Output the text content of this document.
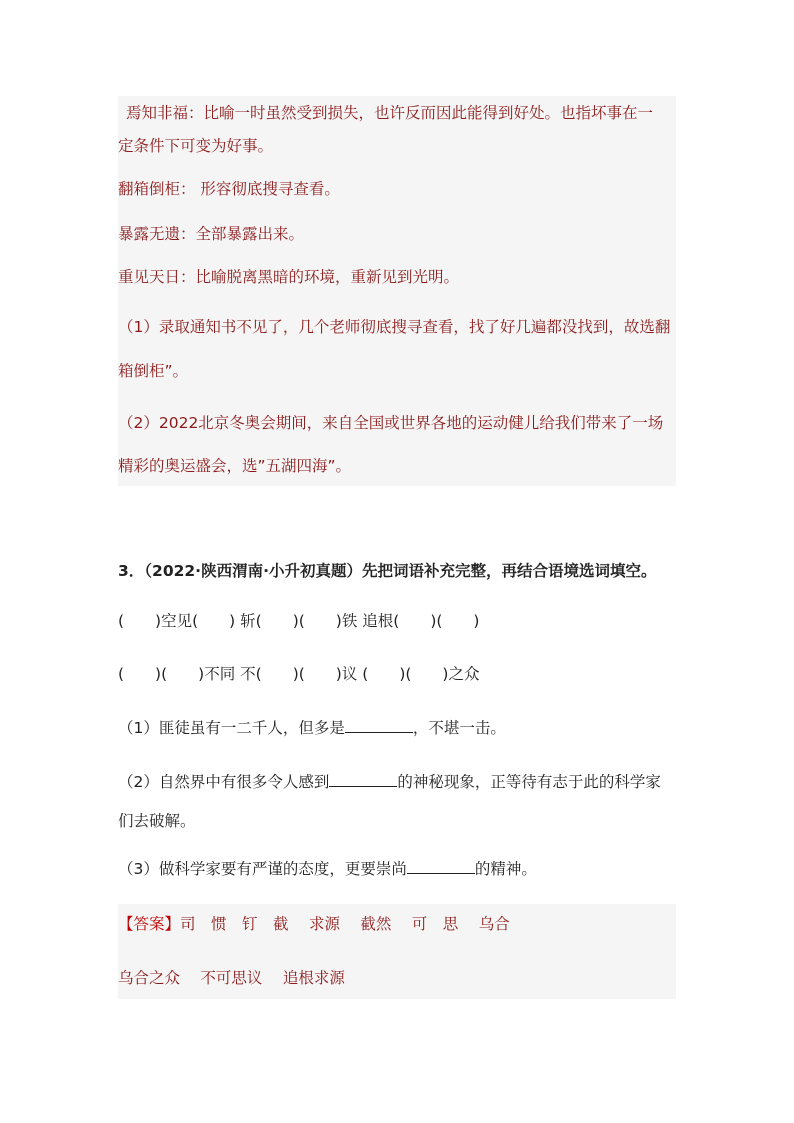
焉知非福：比喻一时虽然受到损失，也许反而因此能得到好处。也指坏事在一
定条件下可变为好事。
翻箱倒柜： 形容彻底搜寻查看。
暴露无遗：全部暴露出来。
重见天日：比喻脱离黑暗的环境，重新见到光明。
（1）录取通知书不见了，几个老师彻底搜寻查看，找了好几遍都没找到，故选翻
箱倒柜”。
（2）2022北京冬奥会期间，来自全国或世界各地的运动健儿给我们带来了一场
精彩的奥运盛会，选”五湖四海”。
3．（2022·陕西渭南·小升初真题）先把词语补充完整，再结合语境选词填空。
(　　)空见(　　) 斩(　　)(　　)铁 追根(　　)(　　)
(　　)(　　)不同 不(　　)(　　)议 (　　)(　　)之众
（1）匪徒虽有一二千人，但多是	，不堪一击。
（2）自然界中有很多令人感到	的神秘现象，正等待有志于此的科学家
们去破解。
（3）做科学家要有严谨的态度，更要崇尚	的精神。
【答案】司　惯　钉　截　 求源　 截然　 可　思　 乌合
乌合之众　 不可思议　 追根求源
